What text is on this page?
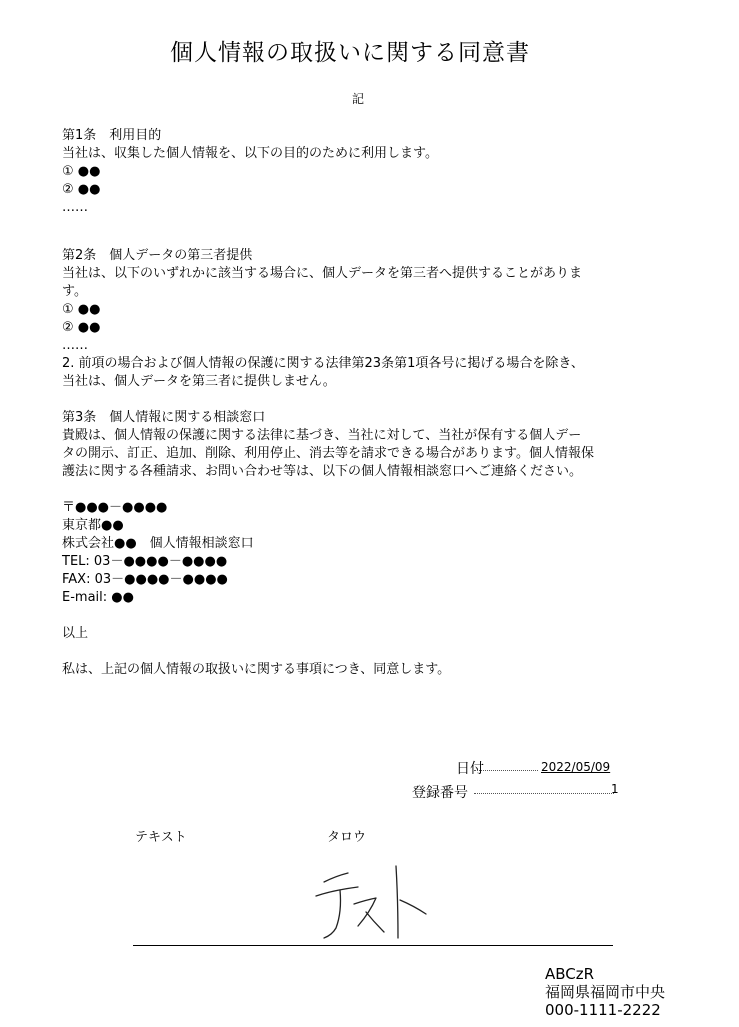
個人情報の取扱いに関する同意書
記
第1条　利用目的
当社は、収集した個人情報を、以下の目的のために利用します。
① ●●
② ●●
……
第2条　個人データの第三者提供
当社は、以下のいずれかに該当する場合に、個人データを第三者へ提供することがありま
す。
① ●●
② ●●
……
2. 前項の場合および個人情報の保護に関する法律第23条第1項各号に掲げる場合を除き、
当社は、個人データを第三者に提供しません。
第3条　個人情報に関する相談窓口
貴殿は、個人情報の保護に関する法律に基づき、当社に対して、当社が保有する個人デー
タの開示、訂正、追加、削除、利用停止、消去等を請求できる場合があります。個人情報保
護法に関する各種請求、お問い合わせ等は、以下の個人情報相談窓口へご連絡ください。
〒●●●－●●●●
東京都●●
株式会社●●　個人情報相談窓口
TEL: 03－●●●●－●●●●
FAX: 03－●●●●－●●●●
E-mail: ●●
以上
私は、上記の個人情報の取扱いに関する事項につき、同意します。
日付	2022/05/09
登録番号	1
テキスト	タロウ
ABCzR
福岡県福岡市中央
000-1111-2222
